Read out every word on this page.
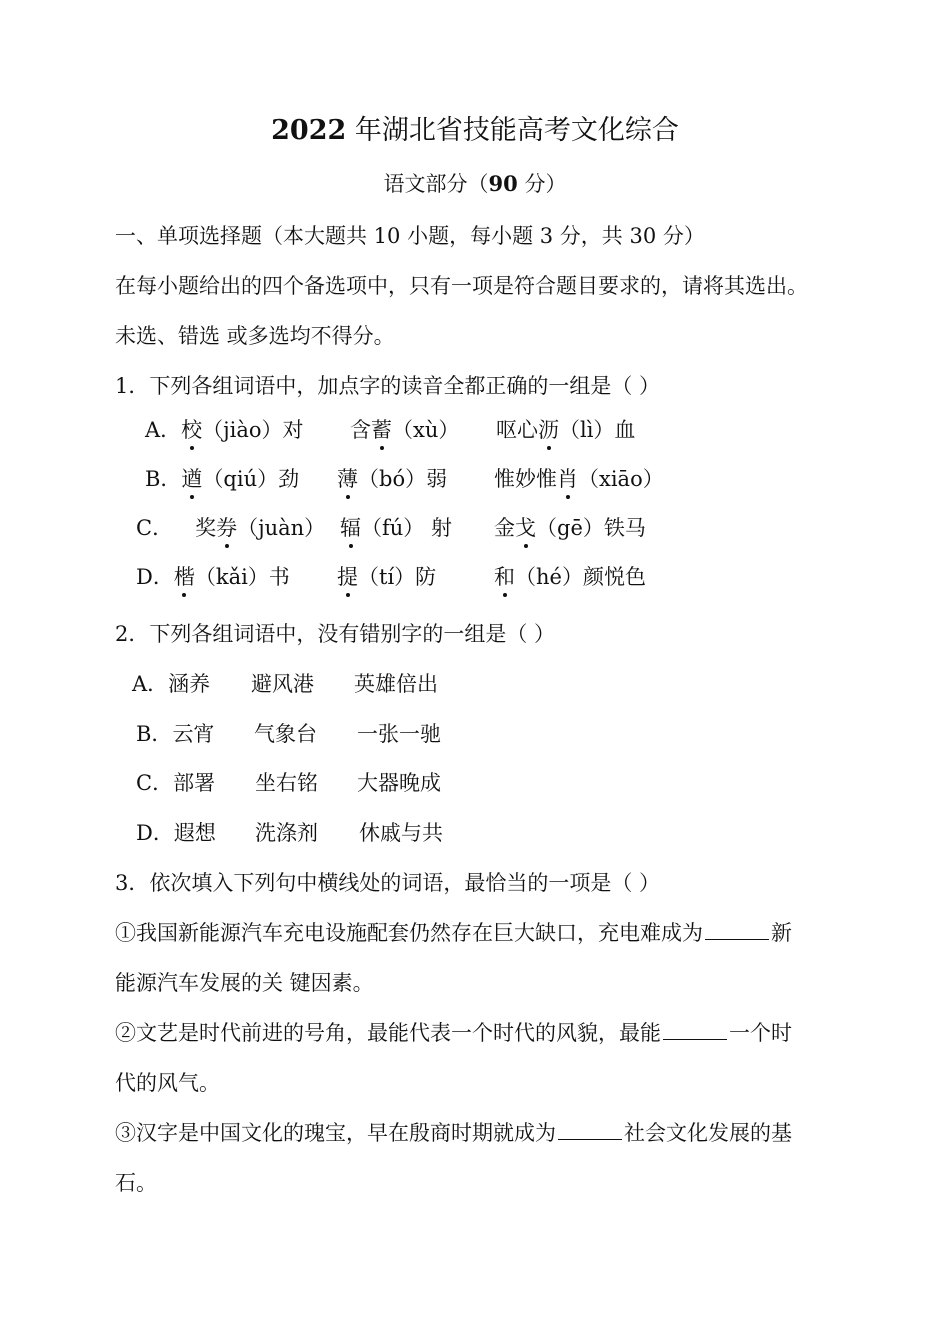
2022 年湖北省技能高考文化综合
语文部分（90 分）
一、单项选择题（本大题共 10 小题，每小题 3 分，共 30 分）
在每小题给出的四个备选项中，只有一项是符合题目要求的，请将其选出。
未选、错选 或多选均不得分。
1．下列各组词语中，加点字的读音全都正确的一组是（ ）
A．校（jiào）对 含蓄（xù） 呕心沥（lì）血
B．遒（qiú）劲 薄（bó）弱 惟妙惟肖（xiāo）
C． 奖券（juàn） 辐（fú） 射 金戈（gē）铁马
D．楷（kǎi）书 提（tí）防	和（hé）颜悦色
2．下列各组词语中，没有错别字的一组是（ ）
A．涵养 避风港 英雄倍出
B．云宵 气象台 一张一驰
C．部署 坐右铭 大器晚成
D．遐想 洗涤剂 休戚与共
3．依次填入下列句中横线处的词语，最恰当的一项是（ ）
①我国新能源汽车充电设施配套仍然存在巨大缺口，充电难成为	新
能源汽车发展的关 键因素。
②文艺是时代前进的号角，最能代表一个时代的风貌，最能	一个时
代的风气。
③汉字是中国文化的瑰宝，早在殷商时期就成为	社会文化发展的基
石。
